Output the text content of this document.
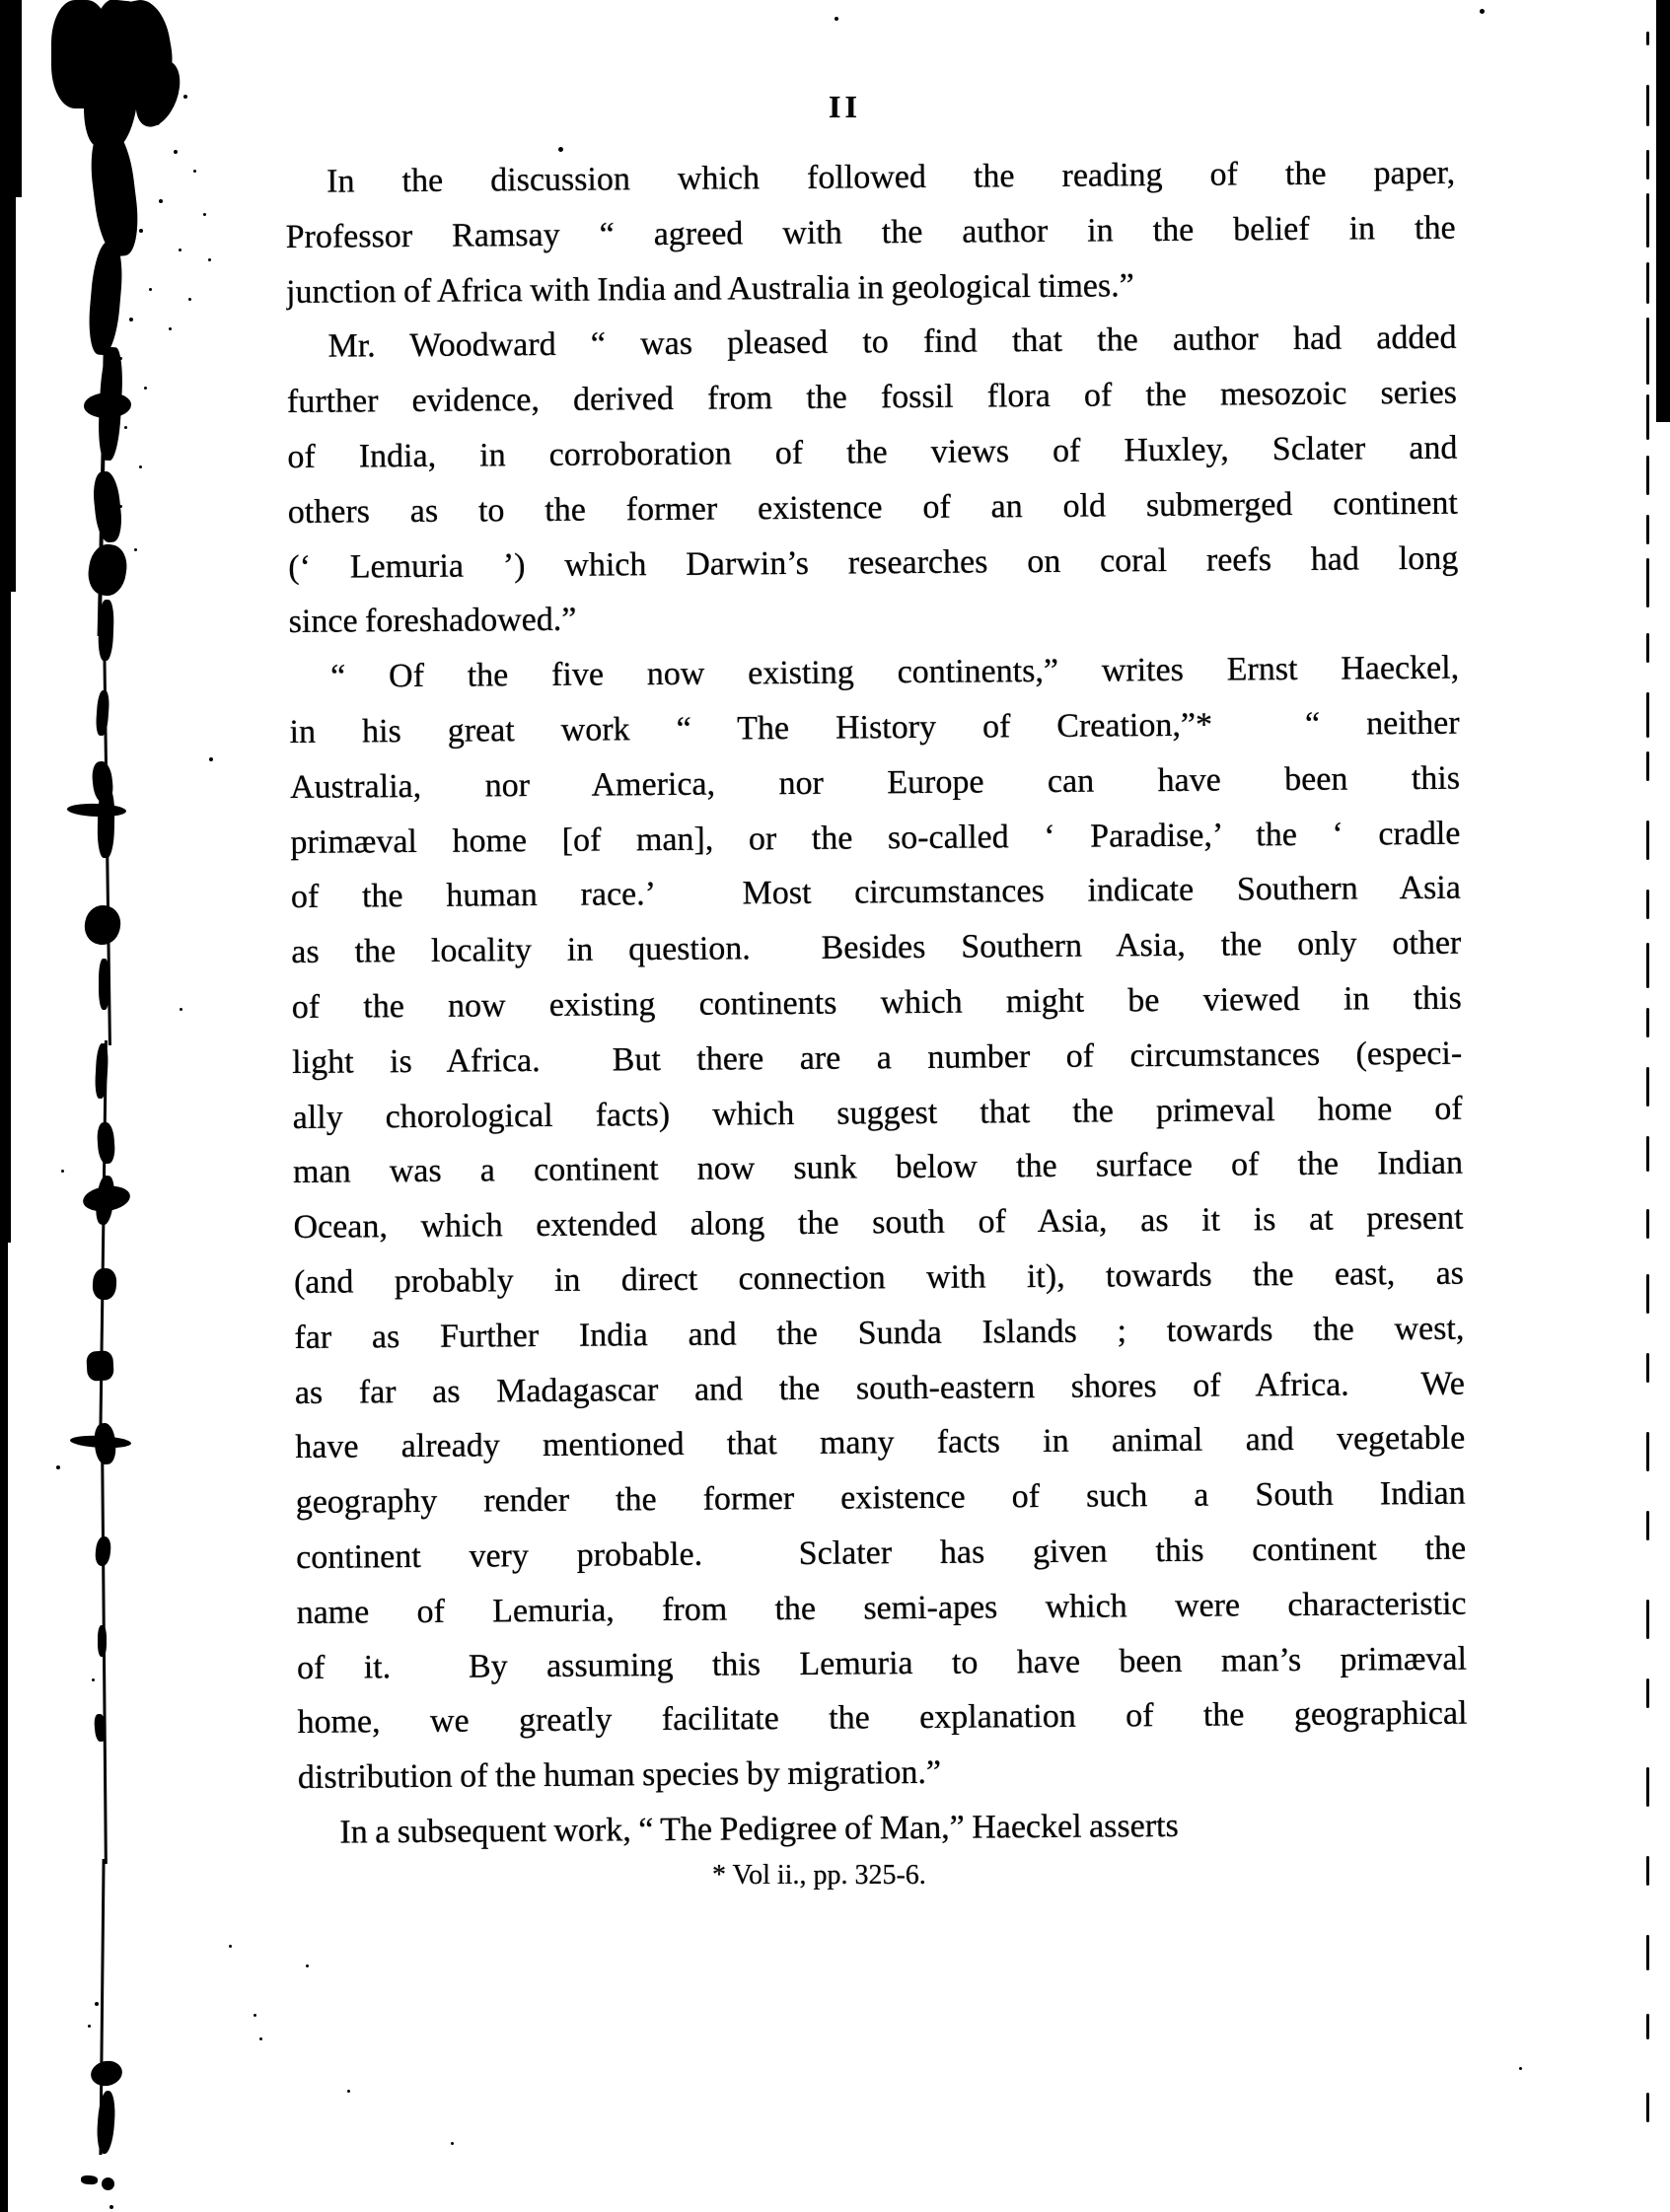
II
In the discussion which followed the reading of the paper,
Professor Ramsay “ agreed with the author in the belief in the
junction of Africa with India and Australia in geological times.”
Mr. Woodward “ was pleased to find that the author had added
further evidence, derived from the fossil flora of the mesozoic series
of India, in corroboration of the views of Huxley, Sclater and
others as to the former existence of an old submerged continent
(‘ Lemuria ’) which Darwin’s researches on coral reefs had long
since foreshadowed.”
“ Of the five now existing continents,” writes Ernst Haeckel,
in his great work “ The History of Creation,”*  “ neither
Australia, nor America, nor Europe can have been this
primæval home [of man], or the so-called ‘ Paradise,’ the ‘ cradle
of the human race.’  Most circumstances indicate Southern Asia
as the locality in question.  Besides Southern Asia, the only other
of the now existing continents which might be viewed in this
light is Africa.  But there are a number of circumstances (especi-
ally chorological facts) which suggest that the primeval home of
man was a continent now sunk below the surface of the Indian
Ocean, which extended along the south of Asia, as it is at present
(and probably in direct connection with it), towards the east, as
far as Further India and the Sunda Islands ; towards the west,
as far as Madagascar and the south-eastern shores of Africa.  We
have already mentioned that many facts in animal and vegetable
geography render the former existence of such a South Indian
continent very probable.  Sclater has given this continent the
name of Lemuria, from the semi-apes which were characteristic
of it.  By assuming this Lemuria to have been man’s primæval
home, we greatly facilitate the explanation of the geographical
distribution of the human species by migration.”
In a subsequent work, “ The Pedigree of Man,” Haeckel asserts
* Vol ii., pp. 325-6.
